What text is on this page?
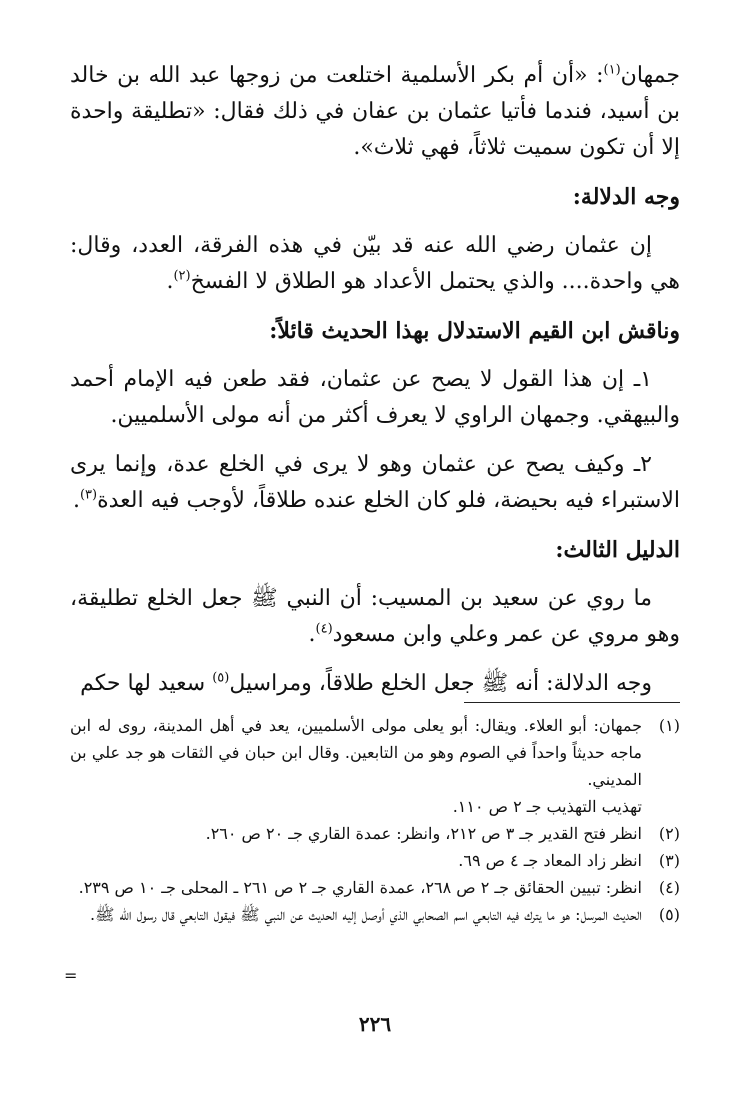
جمهان$^{(١)}$: «أن أم بكر الأسلمية اختلعت من زوجها عبد الله بن خالد بن أسيد، فندما فأتيا عثمان بن عفان في ذلك فقال: «تطليقة واحدة إلا أن تكون سميت ثلاثاً، فهي ثلاث».

وجه الدلالة:

إن عثمان رضي الله عنه قد بيّن في هذه الفرقة، العدد، وقال: هي واحدة.... والذي يحتمل الأعداد هو الطلاق لا الفسخ$^{(٢)}$.

وناقش ابن القيم الاستدلال بهذا الحديث قائلاً:

١ـ إن هذا القول لا يصح عن عثمان، فقد طعن فيه الإمام أحمد والبيهقي. وجمهان الراوي لا يعرف أكثر من أنه مولى الأسلميين.

٢ـ وكيف يصح عن عثمان وهو لا يرى في الخلع عدة، وإنما يرى الاستبراء فيه بحيضة، فلو كان الخلع عنده طلاقاً، لأوجب فيه العدة$^{(٣)}$.

الدليل الثالث:

ما روي عن سعيد بن المسيب: أن النبي ﷺ جعل الخلع تطليقة، وهو مروي عن عمر وعلي وابن مسعود$^{(٤)}$.

وجه الدلالة: أنه ﷺ جعل الخلع طلاقاً، ومراسيل$^{(٥)}$ سعيد لها حكم

(١)
جمهان: أبو العلاء. ويقال: أبو يعلى مولى الأسلميين، يعد في أهل المدينة، روى له ابن ماجه حديثاً واحداً في الصوم وهو من التابعين. وقال ابن حبان في الثقات هو جد علي بن المديني.
تهذيب التهذيب جـ ٢ ص ١١٠.
(٢)
انظر فتح القدير جـ ٣ ص ٢١٢، وانظر: عمدة القاري جـ ٢٠ ص ٢٦٠.
(٣)
انظر زاد المعاد جـ ٤ ص ٦٩.
(٤)
انظر: تبيين الحقائق جـ ٢ ص ٢٦٨، عمدة القاري جـ ٢ ص ٢٦١ ـ المحلى جـ ١٠ ص ٢٣٩.
(٥)
الحديث المرسل: هو ما يترك فيه التابعي اسم الصحابي الذي أوصل إليه الحديث عن النبي ﷺ فيقول التابعي قال رسول الله ﷺ.
=
٢٢٦
